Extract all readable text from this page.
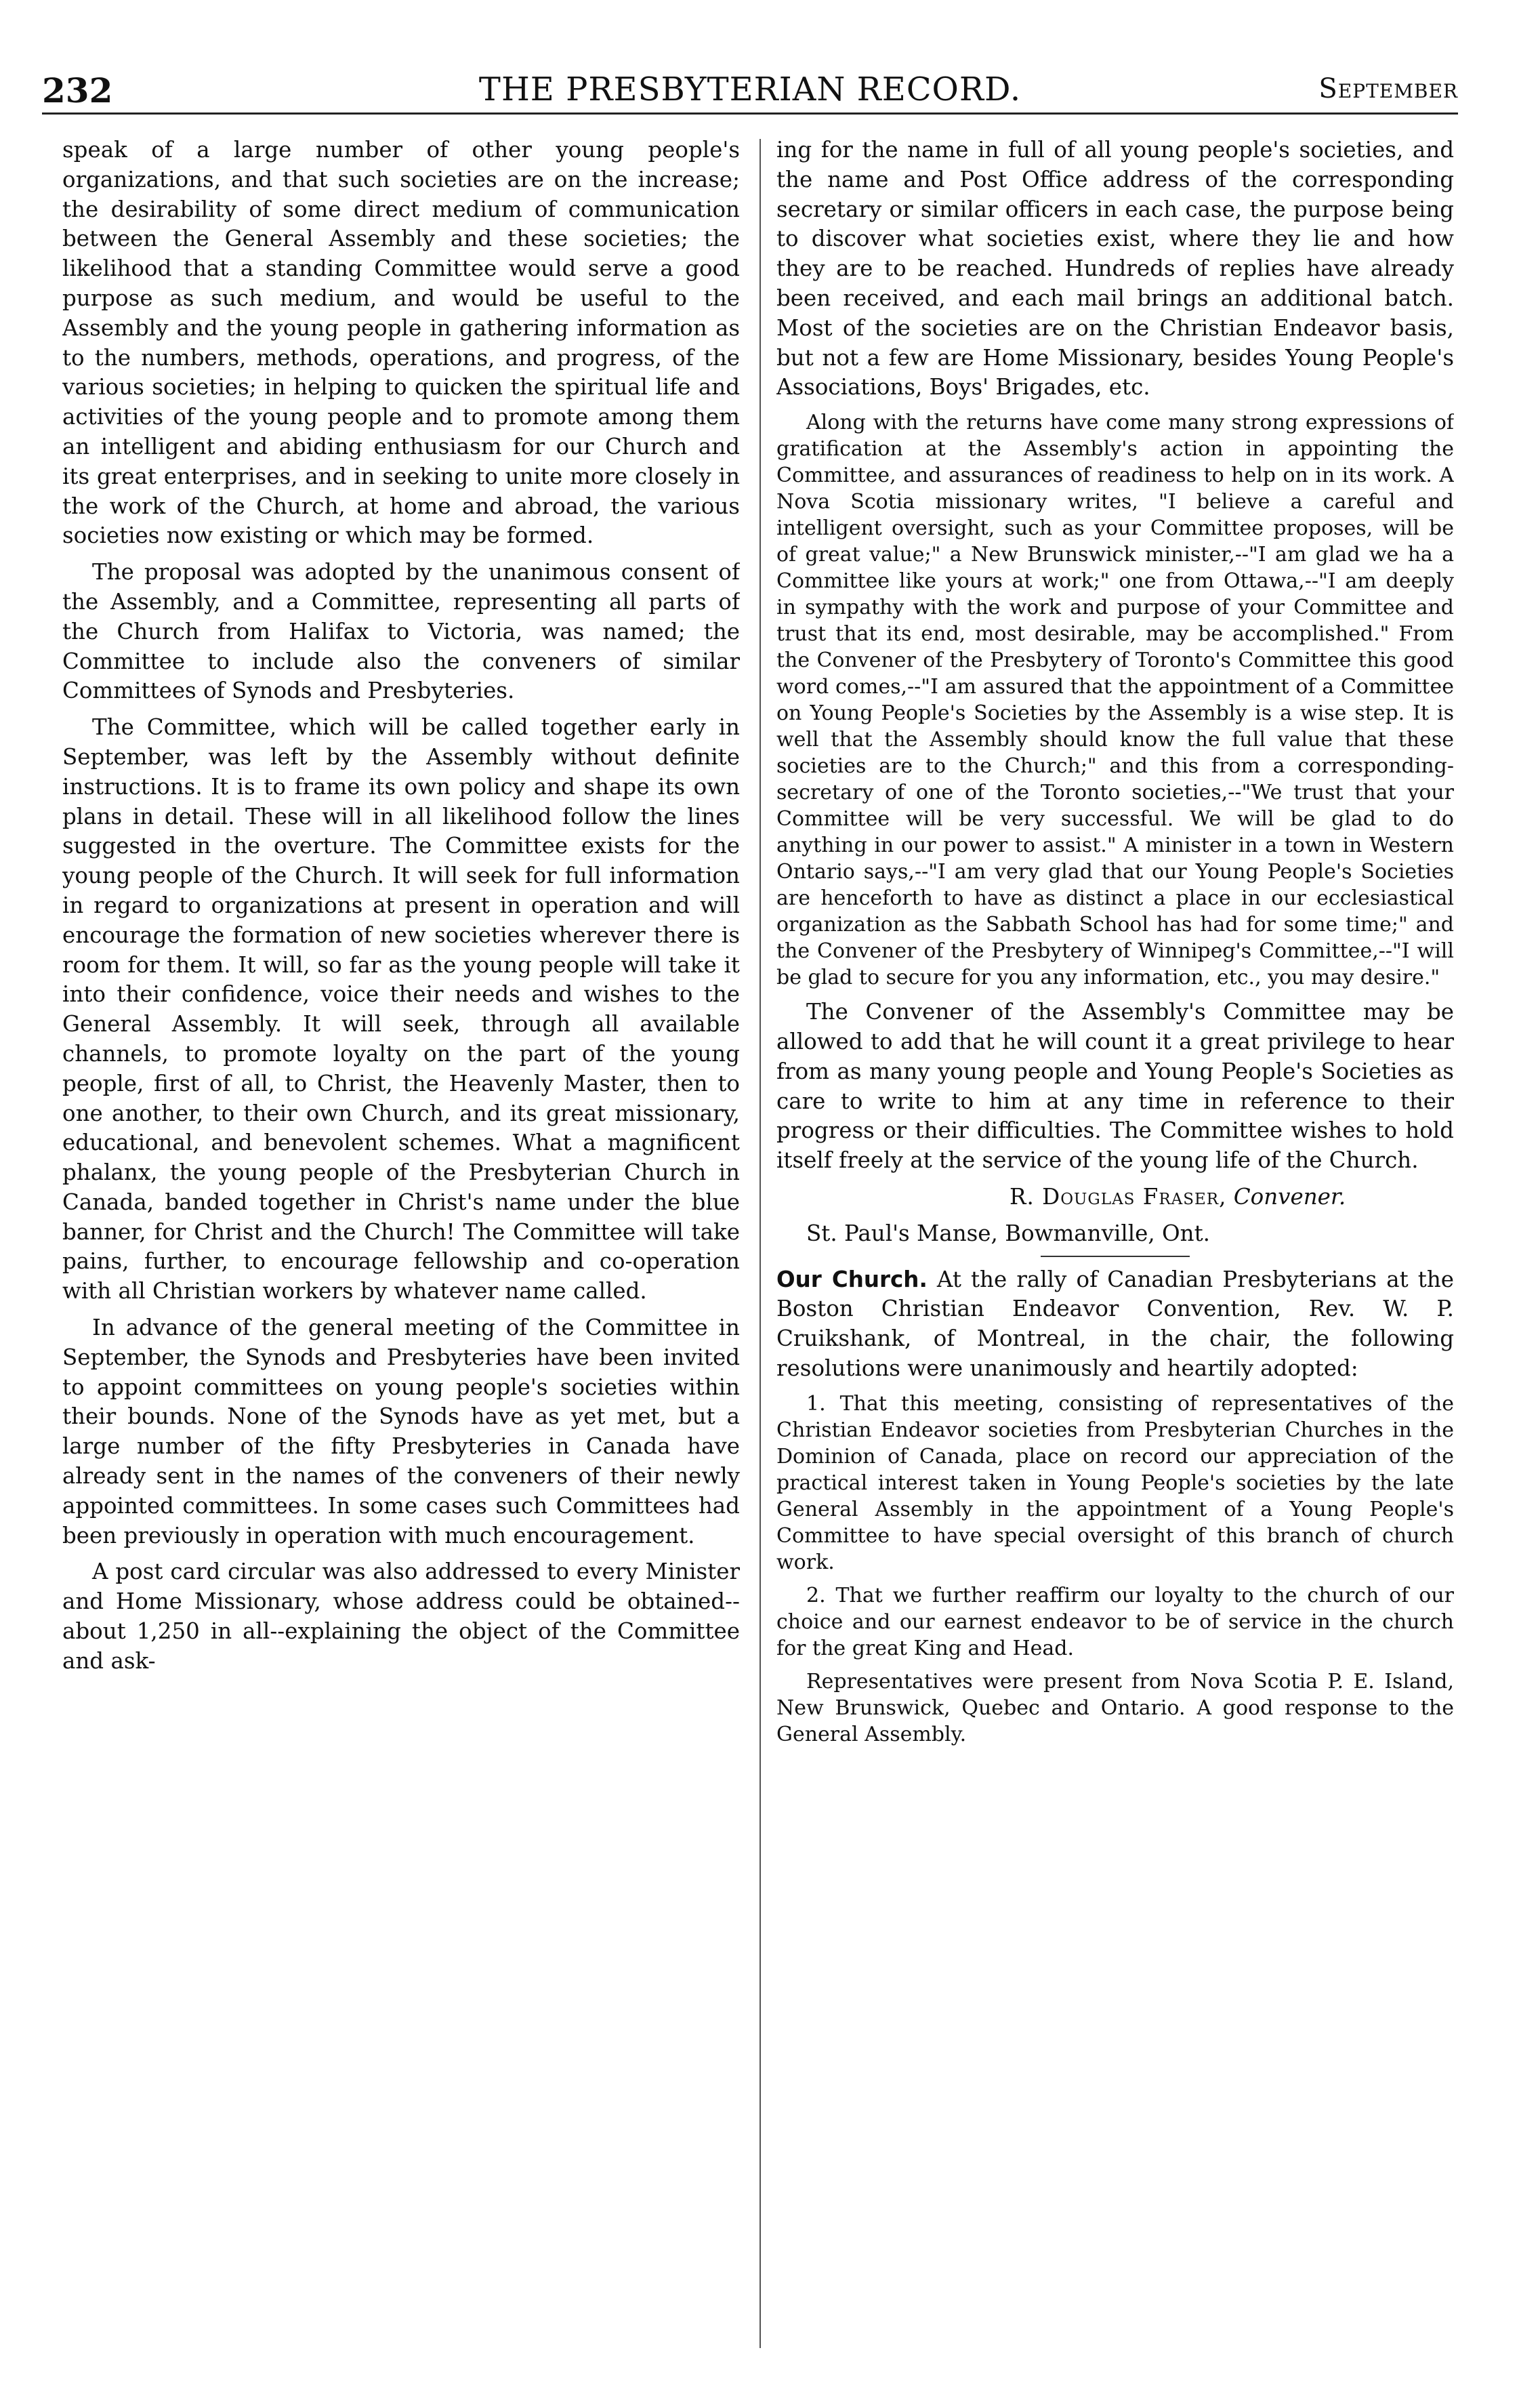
232	THE PRESBYTERIAN RECORD.	September

speak of a large number of other young people's organizations, and that such societies are on the increase; the desirability of some direct medium of communication between the General Assembly and these societies; the likelihood that a standing Committee would serve a good purpose as such medium, and would be useful to the Assembly and the young people in gathering information as to the numbers, methods, operations, and progress, of the various societies; in helping to quicken the spiritual life and activities of the young people and to promote among them an intelligent and abiding enthusiasm for our Church and its great enterprises, and in seeking to unite more closely in the work of the Church, at home and abroad, the various societies now existing or which may be formed.

The proposal was adopted by the unanimous consent of the Assembly, and a Committee, representing all parts of the Church from Halifax to Victoria, was named; the Committee to include also the conveners of similar Committees of Synods and Presbyteries.

The Committee, which will be called together early in September, was left by the Assembly without definite instructions. It is to frame its own policy and shape its own plans in detail. These will in all likelihood follow the lines suggested in the overture. The Committee exists for the young people of the Church. It will seek for full information in regard to organizations at present in operation and will encourage the formation of new societies wherever there is room for them. It will, so far as the young people will take it into their confidence, voice their needs and wishes to the General Assembly. It will seek, through all available channels, to promote loyalty on the part of the young people, first of all, to Christ, the Heavenly Master, then to one another, to their own Church, and its great missionary, educational, and benevolent schemes. What a magnificent phalanx, the young people of the Presbyterian Church in Canada, banded together in Christ's name under the blue banner, for Christ and the Church! The Committee will take pains, further, to encourage fellowship and co-operation with all Christian workers by whatever name called.

In advance of the general meeting of the Committee in September, the Synods and Presbyteries have been invited to appoint committees on young people's societies within their bounds. None of the Synods have as yet met, but a large number of the fifty Presbyteries in Canada have already sent in the names of the conveners of their newly appointed committees. In some cases such Committees had been previously in operation with much encouragement.

A post card circular was also addressed to every Minister and Home Missionary, whose address could be obtained--about 1,250 in all--explaining the object of the Committee and ask-

ing for the name in full of all young people's societies, and the name and Post Office address of the corresponding secretary or similar officers in each case, the purpose being to discover what societies exist, where they lie and how they are to be reached. Hundreds of replies have already been received, and each mail brings an additional batch. Most of the societies are on the Christian Endeavor basis, but not a few are Home Missionary, besides Young People's Associations, Boys' Brigades, etc.

Along with the returns have come many strong expressions of gratification at the Assembly's action in appointing the Committee, and assurances of readiness to help on in its work. A Nova Scotia missionary writes, "I believe a careful and intelligent oversight, such as your Committee proposes, will be of great value;" a New Brunswick minister,--"I am glad we ha a Committee like yours at work;" one from Ottawa,--"I am deeply in sympathy with the work and purpose of your Committee and trust that its end, most desirable, may be accomplished." From the Convener of the Presbytery of Toronto's Committee this good word comes,--"I am assured that the appointment of a Committee on Young People's Societies by the Assembly is a wise step. It is well that the Assembly should know the full value that these societies are to the Church;" and this from a corresponding-secretary of one of the Toronto societies,--"We trust that your Committee will be very successful. We will be glad to do anything in our power to assist." A minister in a town in Western Ontario says,--"I am very glad that our Young People's Societies are henceforth to have as distinct a place in our ecclesiastical organization as the Sabbath School has had for some time;" and the Convener of the Presbytery of Winnipeg's Committee,--"I will be glad to secure for you any information, etc., you may desire."

The Convener of the Assembly's Committee may be allowed to add that he will count it a great privilege to hear from as many young people and Young People's Societies as care to write to him at any time in reference to their progress or their difficulties. The Committee wishes to hold itself freely at the service of the young life of the Church.

R. Douglas Fraser, Convener.

St. Paul's Manse, Bowmanville, Ont.

Our Church. At the rally of Canadian Presbyterians at the Boston Christian Endeavor Convention, Rev. W. P. Cruikshank, of Montreal, in the chair, the following resolutions were unanimously and heartily adopted:

1. That this meeting, consisting of representatives of the Christian Endeavor societies from Presbyterian Churches in the Dominion of Canada, place on record our appreciation of the practical interest taken in Young People's societies by the late General Assembly in the appointment of a Young People's Committee to have special oversight of this branch of church work.

2. That we further reaffirm our loyalty to the church of our choice and our earnest endeavor to be of service in the church for the great King and Head.

Representatives were present from Nova Scotia P. E. Island, New Brunswick, Quebec and Ontario. A good response to the General Assembly.
